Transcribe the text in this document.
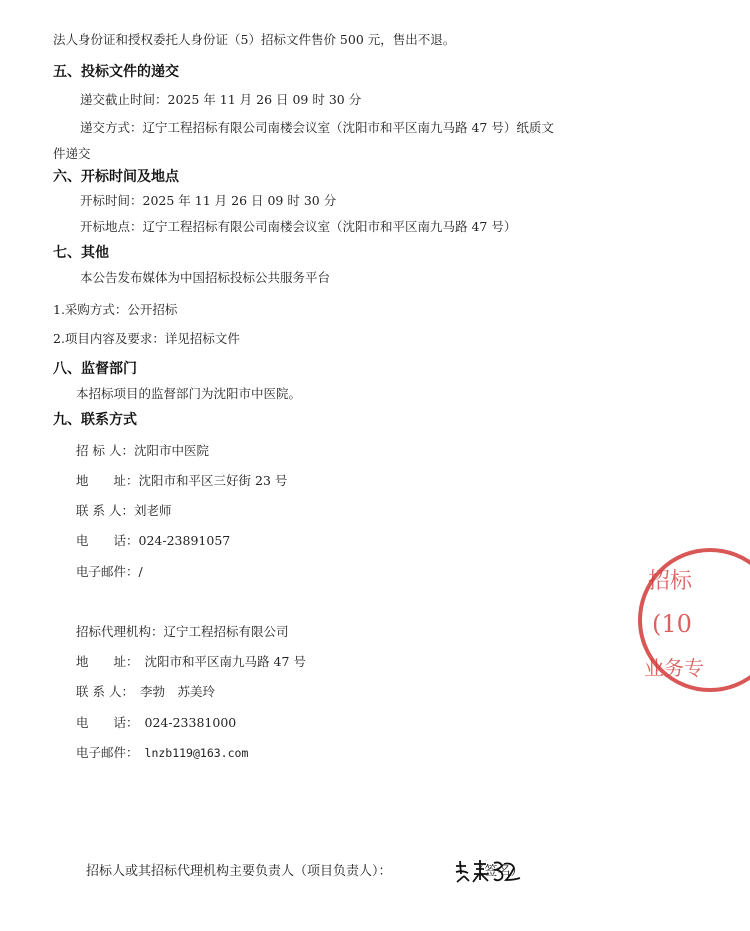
法人身份证和授权委托人身份证（5）招标文件售价 500 元，售出不退。
五、投标文件的递交
递交截止时间：2025 年 11 月 26 日 09 时 30 分
递交方式：辽宁工程招标有限公司南楼会议室（沈阳市和平区南九马路 47 号）纸质文
件递交
六、开标时间及地点
开标时间：2025 年 11 月 26 日 09 时 30 分
开标地点：辽宁工程招标有限公司南楼会议室（沈阳市和平区南九马路 47 号）
七、其他
本公告发布媒体为中国招标投标公共服务平台
1.采购方式：公开招标
2.项目内容及要求：详见招标文件
八、监督部门
本招标项目的监督部门为沈阳市中医院。
九、联系方式
招 标 人：沈阳市中医院
地　　址：沈阳市和平区三好街 23 号
联 系 人：刘老师
电　　话：024-23891057
电子邮件：/
招标代理机构：辽宁工程招标有限公司
地　　址： 沈阳市和平区南九马路 47 号
联 系 人： 李勃　苏美玲
电　　话： 024-23381000
电子邮件： lnzb119@163.com
招标人或其招标代理机构主要负责人（项目负责人）：	（签名）
招标
(10
业务专
